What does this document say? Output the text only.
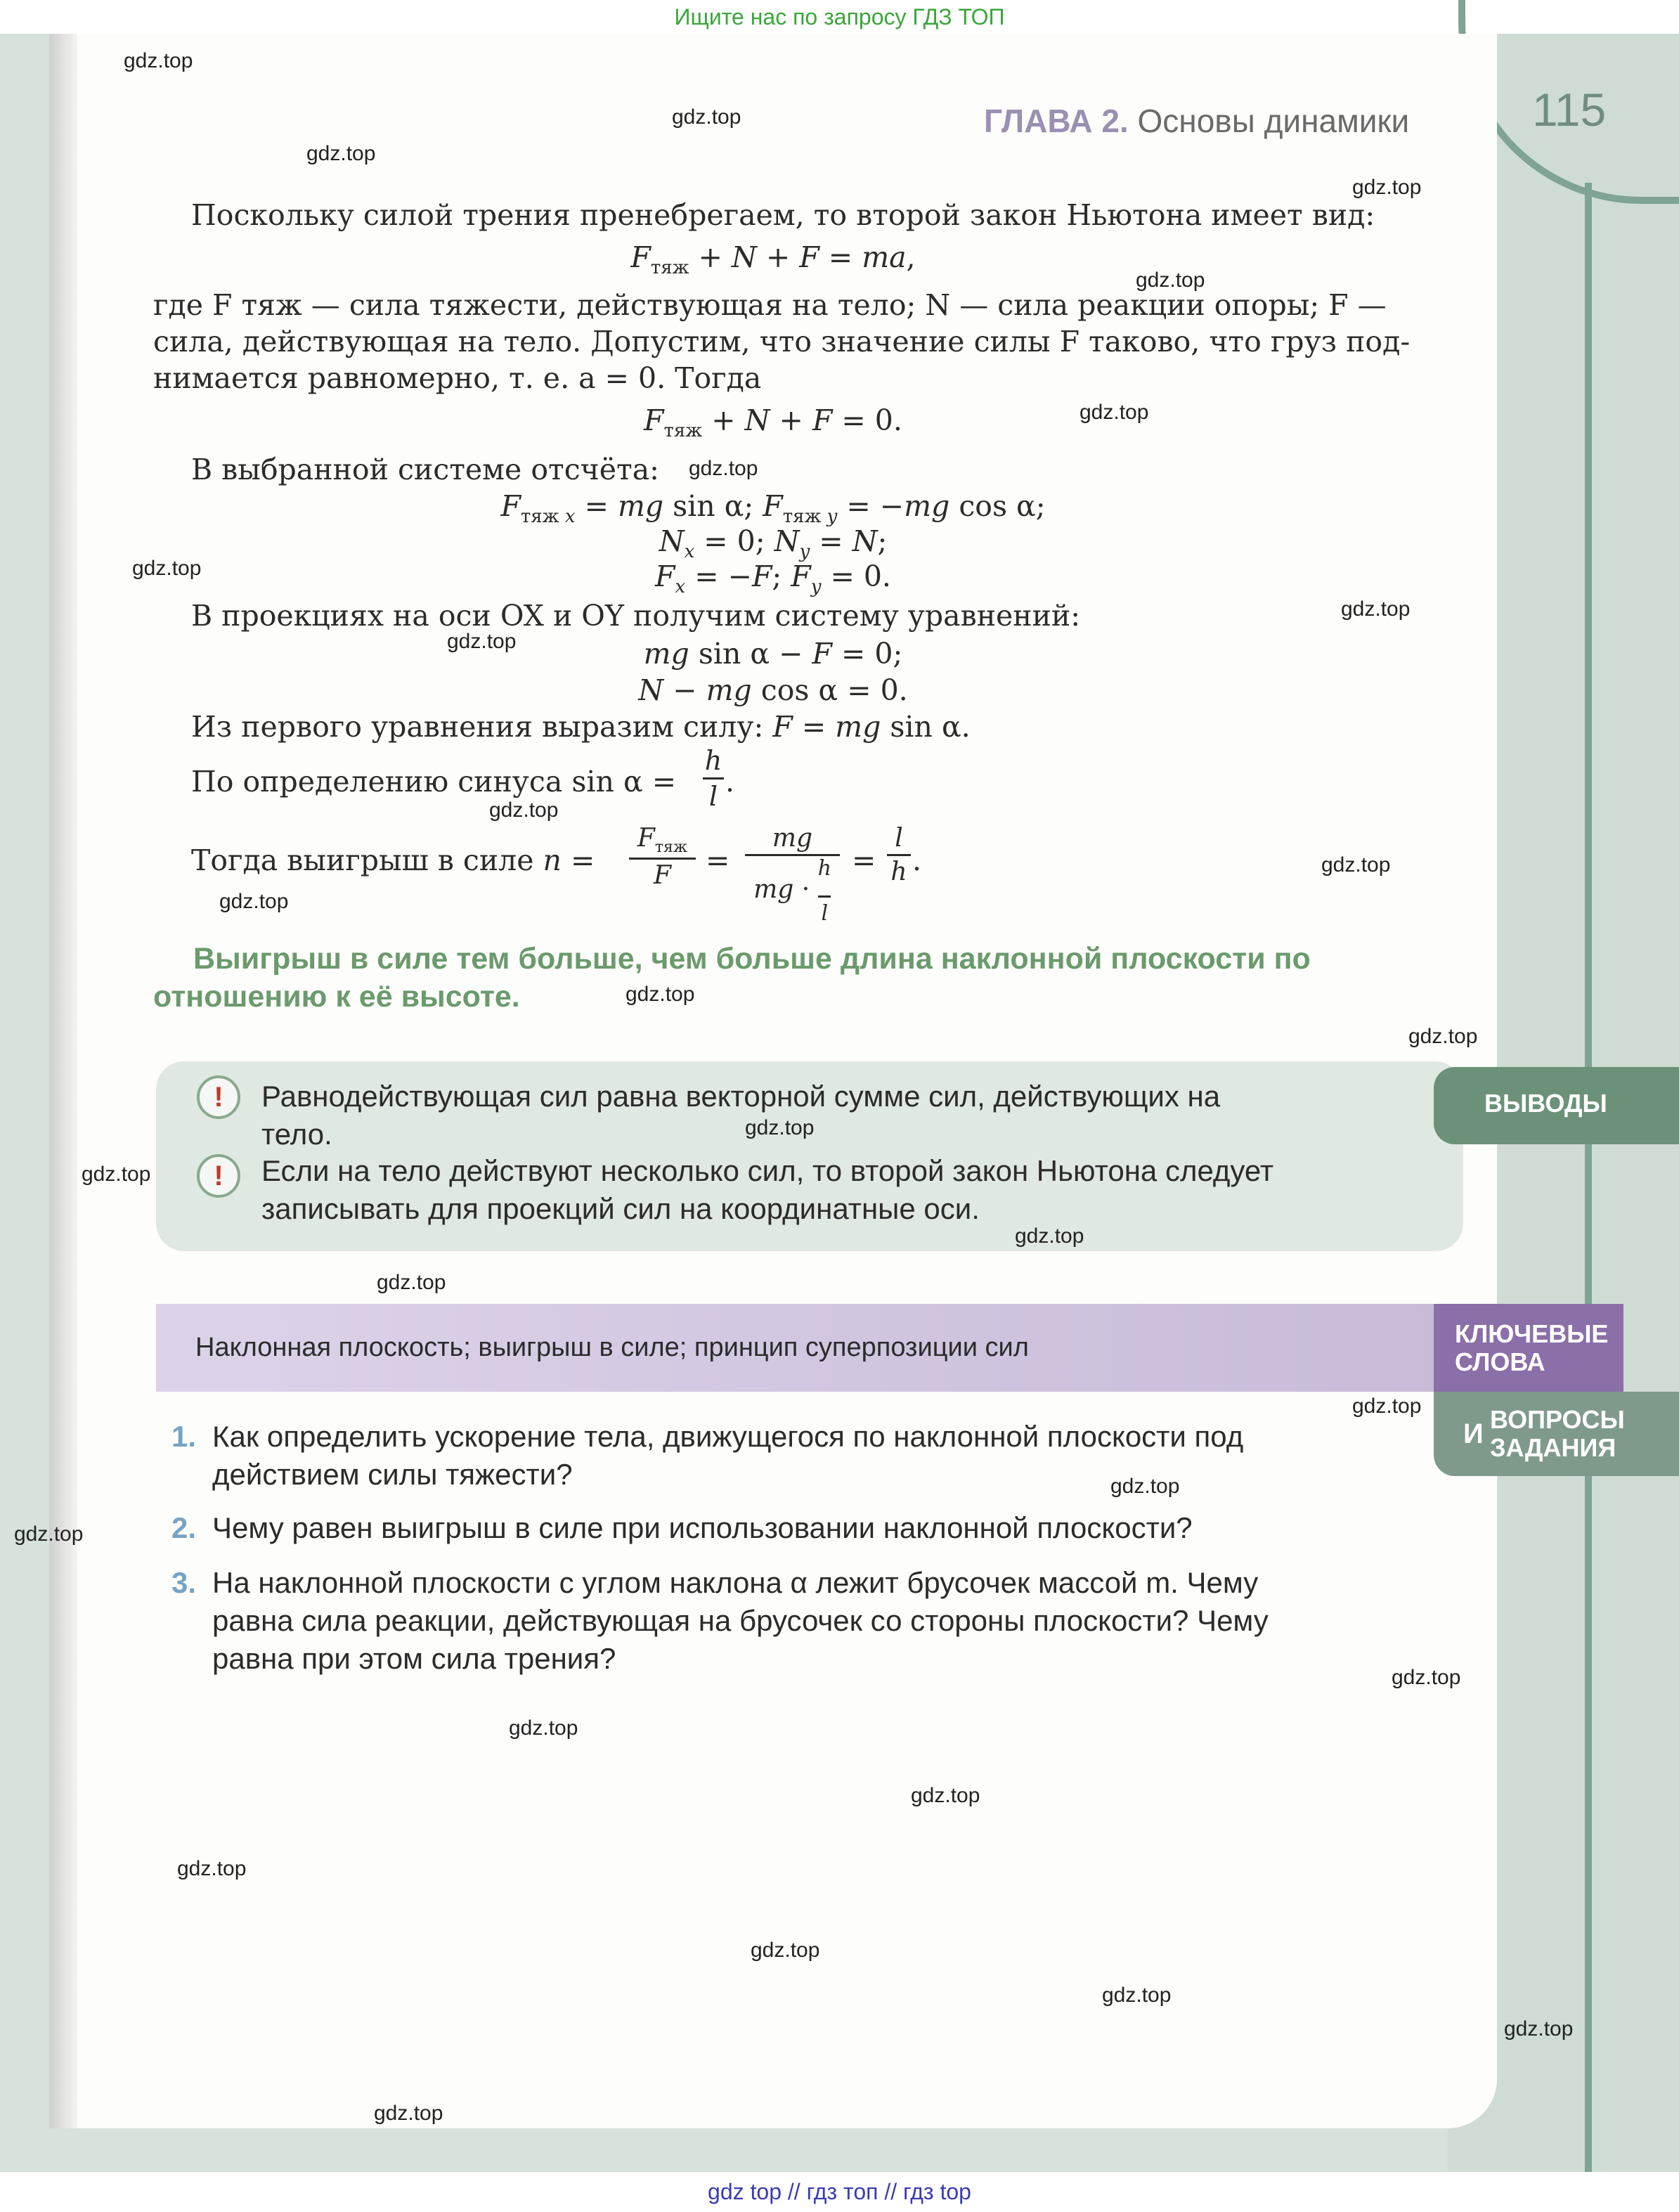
Ищите нас по запросу ГДЗ ТОП
ГЛАВА 2. Основы динамики	115
Поскольку силой трения пренебрегаем, то второй закон Ньютона имеет вид:
$F_{тяж} + N + F$ = ma,
где F тяж — сила тяжести, действующая на тело; N — сила реакции опоры; F —
сила, действующая на тело. Допустим, что значение силы F таково, что груз под-
нимается равномерно, т. е. a = 0. Тогда
$F_{тяж} + N + F = 0$.
В выбранной системе отсчёта:
$F_{тяж x}$ = mg sin α; $F_{тяж y} = -mg$ cos α;
$N_x = 0$; $N_y = N$;
$F_x = -F$; $F_y = 0$.
В проекциях на оси OX и OY получим систему уравнений:
mg sin α − F = 0;
N − mg cos α = 0.
Из первого уравнения выразим силу: F = mg sin α.
По определению синуса sin α =
h
l .
Тогда выигрыш в силе n =
$F_{тяж}$
F	=
mg
mg · $\frac{h}{l}$ =
l
h .
Выигрыш в силе тем больше, чем больше длина наклонной плоскости по
отношению к её высоте.
ВЫВОДЫ
!	Равнодействующая сил равна векторной сумме сил, действующих на
тело.
!	Если на тело действуют несколько сил, то второй закон Ньютона следует
записывать для проекций сил на координатные оси.
КЛЮЧЕВЫЕ
СЛОВА
Наклонная плоскость; выигрыш в силе; принцип суперпозиции сил
И ВОПРОСЫ
ЗАДАНИЯ
1. Как определить ускорение тела, движущегося по наклонной плоскости под
действием силы тяжести?
2. Чему равен выигрыш в силе при использовании наклонной плоскости?
3. На наклонной плоскости с углом наклона α лежит брусочек массой m. Чему
равна сила реакции, действующая на брусочек со стороны плоскости? Чему
равна при этом сила трения?
gdz.top
gdz.top
gdz.top
gdz.top
gdz.top
gdz.top
gdz.top
gdz.top
gdz.top
gdz.top
gdz.top
gdz.top
gdz.top
gdz.top
gdz.top
gdz.top
gdz.top
gdz.top
gdz.top
gdz.top
gdz.top
gdz.top
gdz.top
gdz.top
gdz.top
gdz.top
gdz.top
gdz.top
gdz.top
gdz.top
gdz top // гдз топ // гдз top
